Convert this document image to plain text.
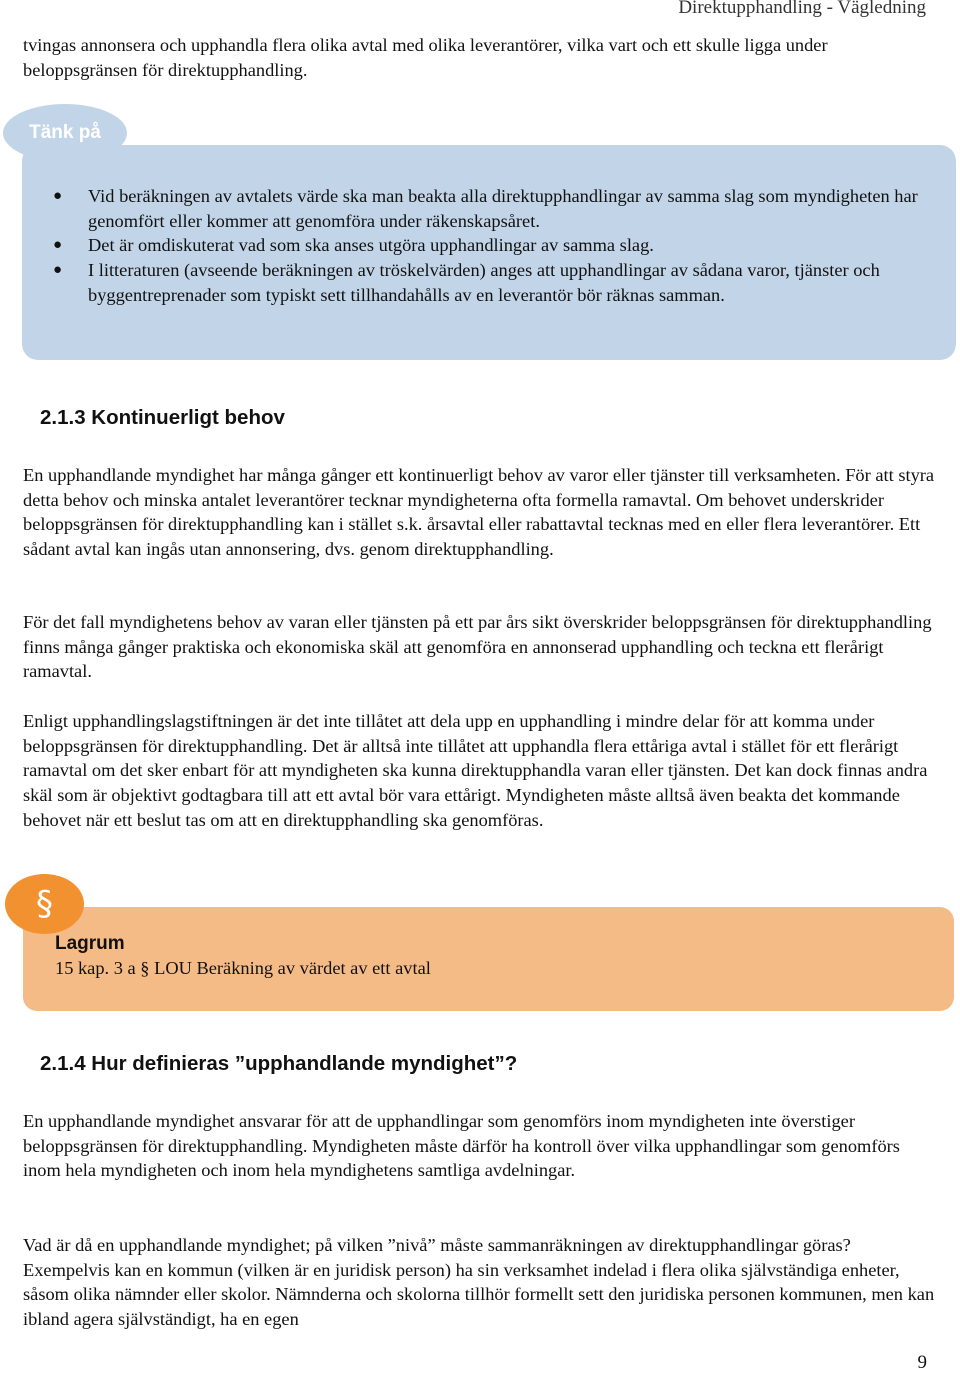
Direktupphandling - Vägledning

tvingas annonsera och upphandla flera olika avtal med olika leverantörer, vilka vart och ett skulle ligga under beloppsgränsen för direktupphandling.

Tänk på
● Vid beräkningen av avtalets värde ska man beakta alla direktupphandlingar av samma slag som myndigheten har genomfört eller kommer att genomföra under räkenskapsåret.
● Det är omdiskuterat vad som ska anses utgöra upphandlingar av samma slag.
● I litteraturen (avseende beräkningen av tröskelvärden) anges att upphandlingar av sådana varor, tjänster och byggentreprenader som typiskt sett tillhandahålls av en leverantör bör räknas samman.
2.1.3 Kontinuerligt behov

En upphandlande myndighet har många gånger ett kontinuerligt behov av varor eller tjänster till verksamheten. För att styra detta behov och minska antalet leverantörer tecknar myndigheterna ofta formella ramavtal. Om behovet underskrider beloppsgränsen för direktupphandling kan i stället s.k. årsavtal eller rabattavtal tecknas med en eller flera leverantörer. Ett sådant avtal kan ingås utan annonsering, dvs. genom direktupphandling.

För det fall myndighetens behov av varan eller tjänsten på ett par års sikt överskrider beloppsgränsen för direktupphandling finns många gånger praktiska och ekonomiska skäl att genomföra en annonserad upphandling och teckna ett flerårigt ramavtal.

Enligt upphandlingslagstiftningen är det inte tillåtet att dela upp en upphandling i mindre delar för att komma under beloppsgränsen för direktupphandling. Det är alltså inte tillåtet att upphandla flera ettåriga avtal i stället för ett flerårigt ramavtal om det sker enbart för att myndigheten ska kunna direktupphandla varan eller tjänsten. Det kan dock finnas andra skäl som är objektivt godtagbara till att ett avtal bör vara ettårigt. Myndigheten måste alltså även beakta det kommande behovet när ett beslut tas om att en direktupphandling ska genomföras.

§
Lagrum
15 kap. 3 a § LOU Beräkning av värdet av ett avtal
2.1.4 Hur definieras ”upphandlande myndighet”?

En upphandlande myndighet ansvarar för att de upphandlingar som genomförs inom myndigheten inte överstiger beloppsgränsen för direktupphandling. Myndigheten måste därför ha kontroll över vilka upphandlingar som genomförs inom hela myndigheten och inom hela myndighetens samtliga avdelningar.

Vad är då en upphandlande myndighet; på vilken ”nivå” måste sammanräkningen av direktupphandlingar göras? Exempelvis kan en kommun (vilken är en juridisk person) ha sin verksamhet indelad i flera olika självständiga enheter, såsom olika nämnder eller skolor. Nämnderna och skolorna tillhör formellt sett den juridiska personen kommunen, men kan ibland agera självständigt, ha en egen

9
